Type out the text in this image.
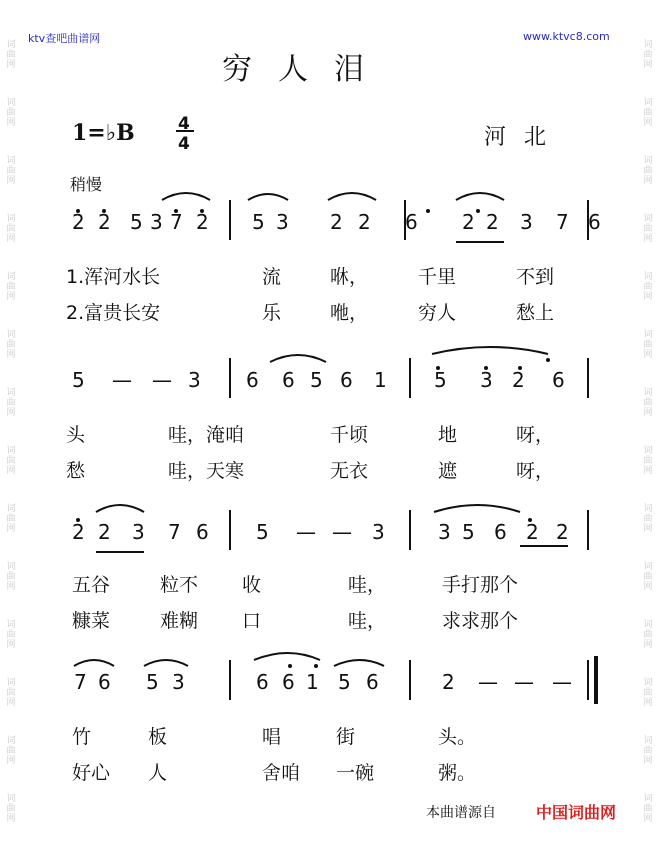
词 曲 网
词 曲 网
词 曲 网
词 曲 网
词 曲 网
词 曲 网
词 曲 网
词 曲 网
词 曲 网
词 曲 网
词 曲 网
词 曲 网
词 曲 网
词 曲 网
词 曲 网
词 曲 网
词 曲 网
词 曲 网
词 曲 网
词 曲 网
词 曲 网
词 曲 网
词 曲 网
词 曲 网
词 曲 网
词 曲 网
词 曲 网
词 曲 网
ktv查吧曲谱网	www.ktvc8.com
穷人泪
1=♭B	4
4	河北
稍慢
2 2 5 3 7 2 5 3 2 2 6 2 2 3 7 6
1.浑河水长	流	咻，	千里	不到
2.富贵长安	乐	咃，	穷人	愁上
5 — — 3 6 6 5 6 1 5 3 2 6
头	哇，淹咱	千顷	地	呀，
愁	哇，天寒	无衣	遮	呀，
2 2 3 7 6 5 — — 3	3 5 6 2 2
五谷	粒不 收	哇，	手打那个
糠菜	难糊 口	哇，	求求那个
7 6 5 3	6 6 1 5 6	2 — — —
竹	板	唱	街	头。
好心 人	舍咱 一碗	粥。
本曲谱源自	中国词曲网
